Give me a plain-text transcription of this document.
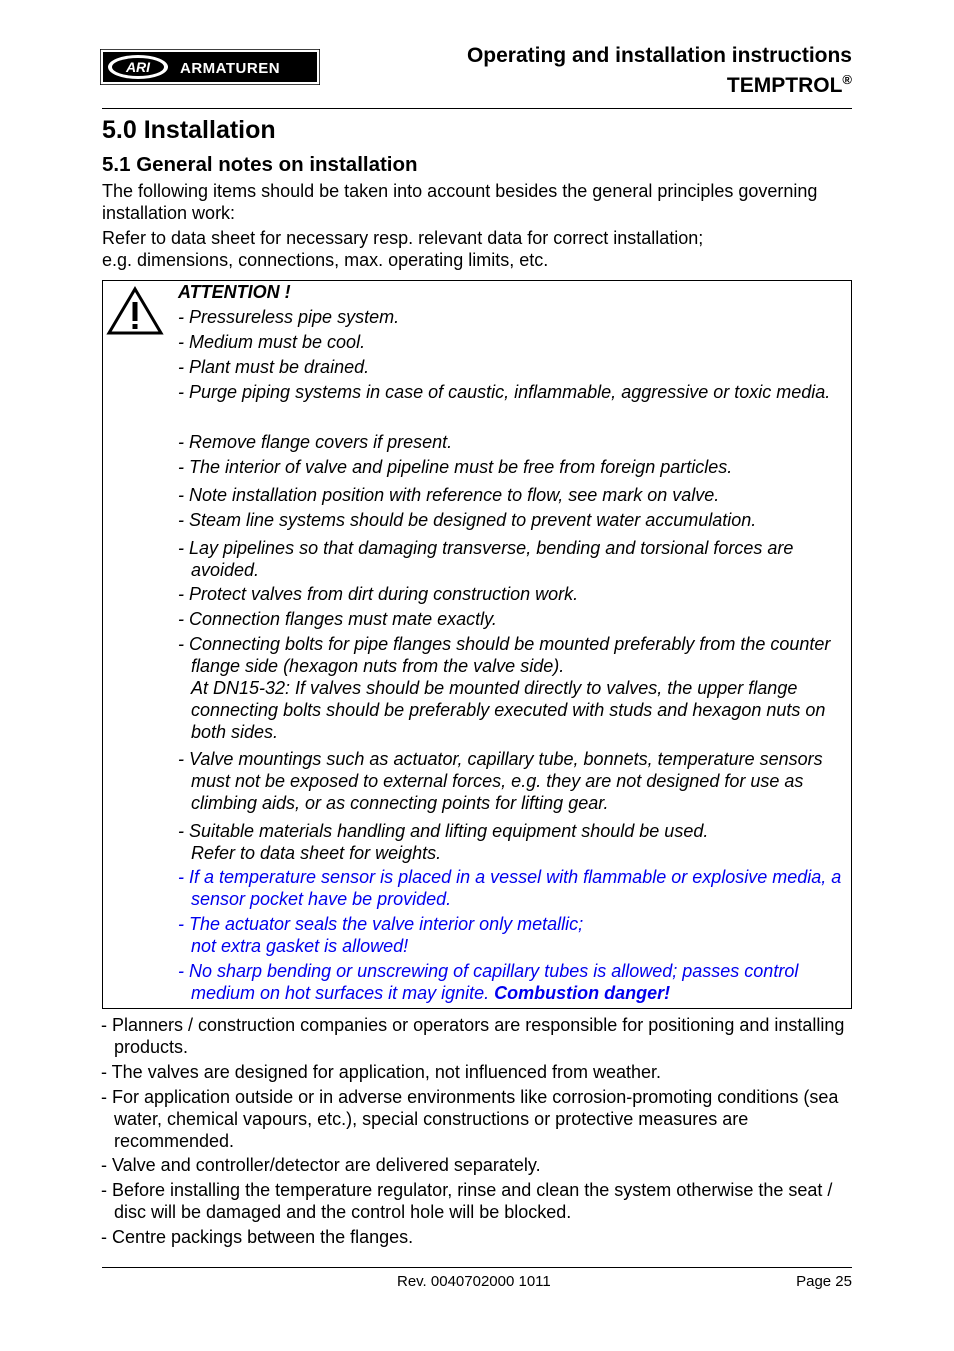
ARI ARMATUREN
Operating and installation instructions
TEMPTROL®
5.0 Installation
5.1 General notes on installation
The following items should be taken into account besides the general principles governing installation work:
Refer to data sheet for necessary resp. relevant data for correct installation;
e.g. dimensions, connections, max. operating limits, etc.
ATTENTION !
- Pressureless pipe system.
- Medium must be cool.
- Plant must be drained.
- Purge piping systems in case of caustic, inflammable, aggressive or toxic media.
- Remove flange covers if present.
- The interior of valve and pipeline must be free from foreign particles.
- Note installation position with reference to flow, see mark on valve.
- Steam line systems should be designed to prevent water accumulation.
- Lay pipelines so that damaging transverse, bending and torsional forces are avoided.
- Protect valves from dirt during construction work.
- Connection flanges must mate exactly.
- Connecting bolts for pipe flanges should be mounted preferably from the counter flange side (hexagon nuts from the valve side).
At DN15-32: If valves should be mounted directly to valves, the upper flange connecting bolts should be preferably executed with studs and hexagon nuts on both sides.
- Valve mountings such as actuator, capillary tube, bonnets, temperature sensors must not be exposed to external forces, e.g. they are not designed for use as climbing aids, or as connecting points for lifting gear.
- Suitable materials handling and lifting equipment should be used.
Refer to data sheet for weights.
- If a temperature sensor is placed in a vessel with flammable or explosive media, a sensor pocket have be provided.
- The actuator seals the valve interior only metallic;
not extra gasket is allowed!
- No sharp bending or unscrewing of capillary tubes is allowed; passes control medium on hot surfaces it may ignite. Combustion danger!
- Planners / construction companies or operators are responsible for positioning and installing products.
- The valves are designed for application, not influenced from weather.
- For application outside or in adverse environments like corrosion-promoting conditions (sea water, chemical vapours, etc.), special constructions or protective measures are recommended.
- Valve and controller/detector are delivered separately.
- Before installing the temperature regulator, rinse and clean the system otherwise the seat / disc will be damaged and the control hole will be blocked.
- Centre packings between the flanges.
Rev. 0040702000 1011	Page 25
